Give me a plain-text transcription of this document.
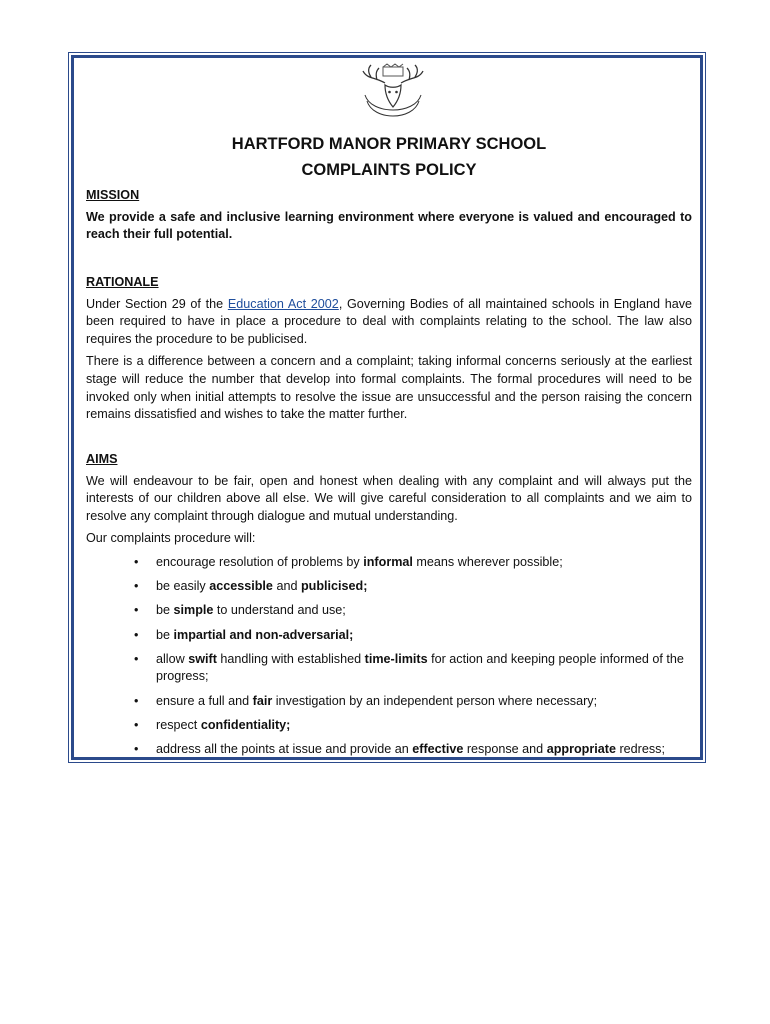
HARTFORD MANOR PRIMARY SCHOOL
COMPLAINTS POLICY
MISSION

We provide a safe and inclusive learning environment where everyone is valued and encouraged to reach their full potential.

RATIONALE

Under Section 29 of the Education Act 2002, Governing Bodies of all maintained schools in England have been required to have in place a procedure to deal with complaints relating to the school. The law also requires the procedure to be publicised.

There is a difference between a concern and a complaint; taking informal concerns seriously at the earliest stage will reduce the number that develop into formal complaints. The formal procedures will need to be invoked only when initial attempts to resolve the issue are unsuccessful and the person raising the concern remains dissatisfied and wishes to take the matter further.

AIMS

We will endeavour to be fair, open and honest when dealing with any complaint and will always put the interests of our children above all else. We will give careful consideration to all complaints and we aim to resolve any complaint through dialogue and mutual understanding.

Our complaints procedure will:

• encourage resolution of problems by informal means wherever possible;
• be easily accessible and publicised;
• be simple to understand and use;
• be impartial and non-adversarial;
• allow swift handling with established time-limits for action and keeping people informed of the progress;
• ensure a full and fair investigation by an independent person where necessary;
• respect confidentiality;
• address all the points at issue and provide an effective response and appropriate redress;
